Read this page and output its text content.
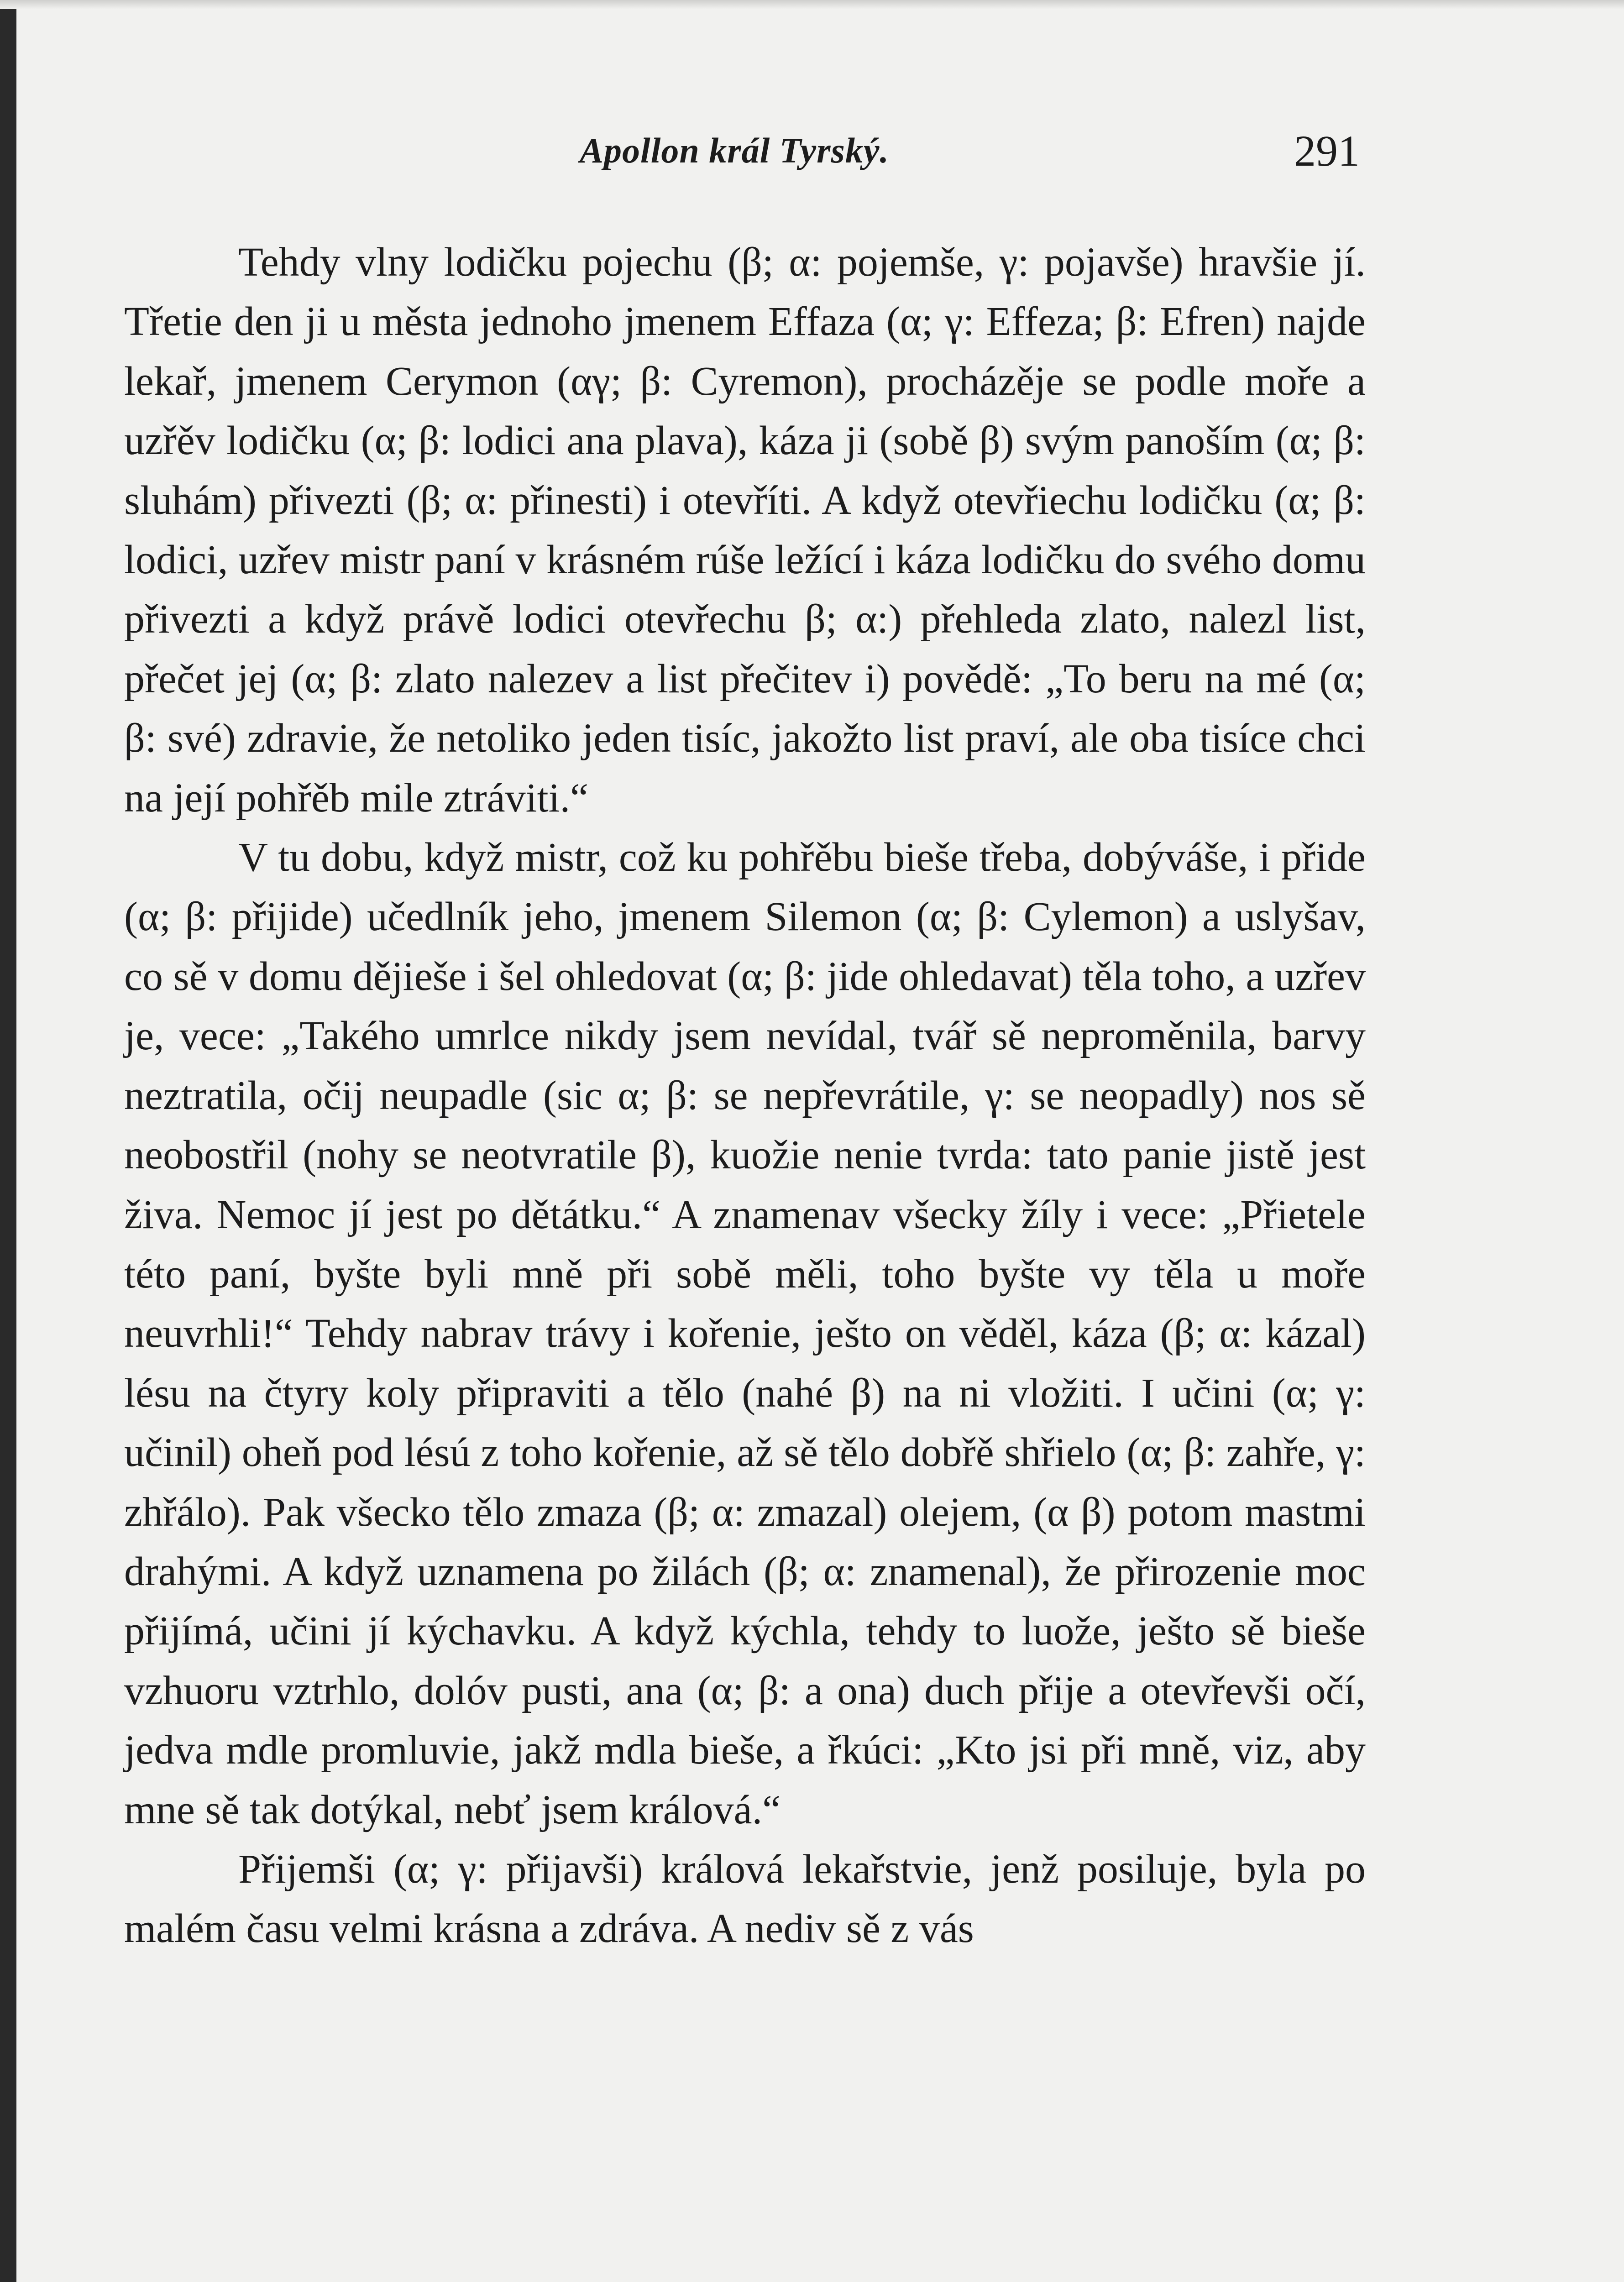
Apollon král Tyrský.	291

Tehdy vlny lodičku pojechu (β; α: pojemše, γ: pojavše) hravšie jí. Třetie den ji u města jednoho jmenem Effaza (α; γ: Effeza; β: Efren) najde lekař, jmenem Cerymon (αγ; β: Cyremon), procházěje se podle moře a uzřěv lodičku (α; β: lodici ana plava), káza ji (sobě β) svým panoším (α; β: sluhám) přivezti (β; α: přinesti) i otevříti. A když otevřiechu lodičku (α; β: lodici, uzřev mistr paní v krásném rúše ležící i káza lodičku do svého domu přivezti a když právě lodici otevřechu β; α:) přehleda zlato, nalezl list, přečet jej (α; β: zlato nalezev a list přečitev i) povědě: „To beru na mé (α; β: své) zdravie, že netoliko jeden tisíc, jakožto list praví, ale oba tisíce chci na její pohřěb mile ztráviti.“

V tu dobu, když mistr, což ku pohřěbu bieše třeba, dobýváše, i přide (α; β: přijide) učedlník jeho, jmenem Silemon (α; β: Cylemon) a uslyšav, co sě v domu dějieše i šel ohledovat (α; β: jide ohledavat) těla toho, a uzřev je, vece: „Takého umrlce nikdy jsem nevídal, tvář sě neproměnila, barvy neztratila, očij neupadle (sic α; β: se nepřevrátile, γ: se neopadly) nos sě neobostřil (nohy se neotvratile β), kuožie nenie tvrda: tato panie jistě jest živa. Nemoc jí jest po dětátku.“ A znamenav všecky žíly i vece: „Přietele této paní, byšte byli mně při sobě měli, toho byšte vy těla u moře neuvrhli!“ Tehdy nabrav trávy i kořenie, ješto on věděl, káza (β; α: kázal) lésu na čtyry koly připraviti a tělo (nahé β) na ni vložiti. I učini (α; γ: učinil) oheň pod lésú z toho kořenie, až sě tělo dobřě shřielo (α; β: zahře, γ: zhřálo). Pak všecko tělo zmaza (β; α: zmazal) olejem, (α β) potom mastmi drahými. A když uznamena po žilách (β; α: znamenal), že přirozenie moc přijímá, učini jí kýchavku. A když kýchla, tehdy to luože, ješto sě bieše vzhuoru vztrhlo, dolóv pusti, ana (α; β: a ona) duch přije a otevřevši očí, jedva mdle promluvie, jakž mdla bieše, a řkúci: „Kto jsi při mně, viz, aby mne sě tak dotýkal, nebť jsem králová.“

Přijemši (α; γ: přijavši) králová lekařstvie, jenž posiluje, byla po malém času velmi krásna a zdráva. A nediv sě z vás
